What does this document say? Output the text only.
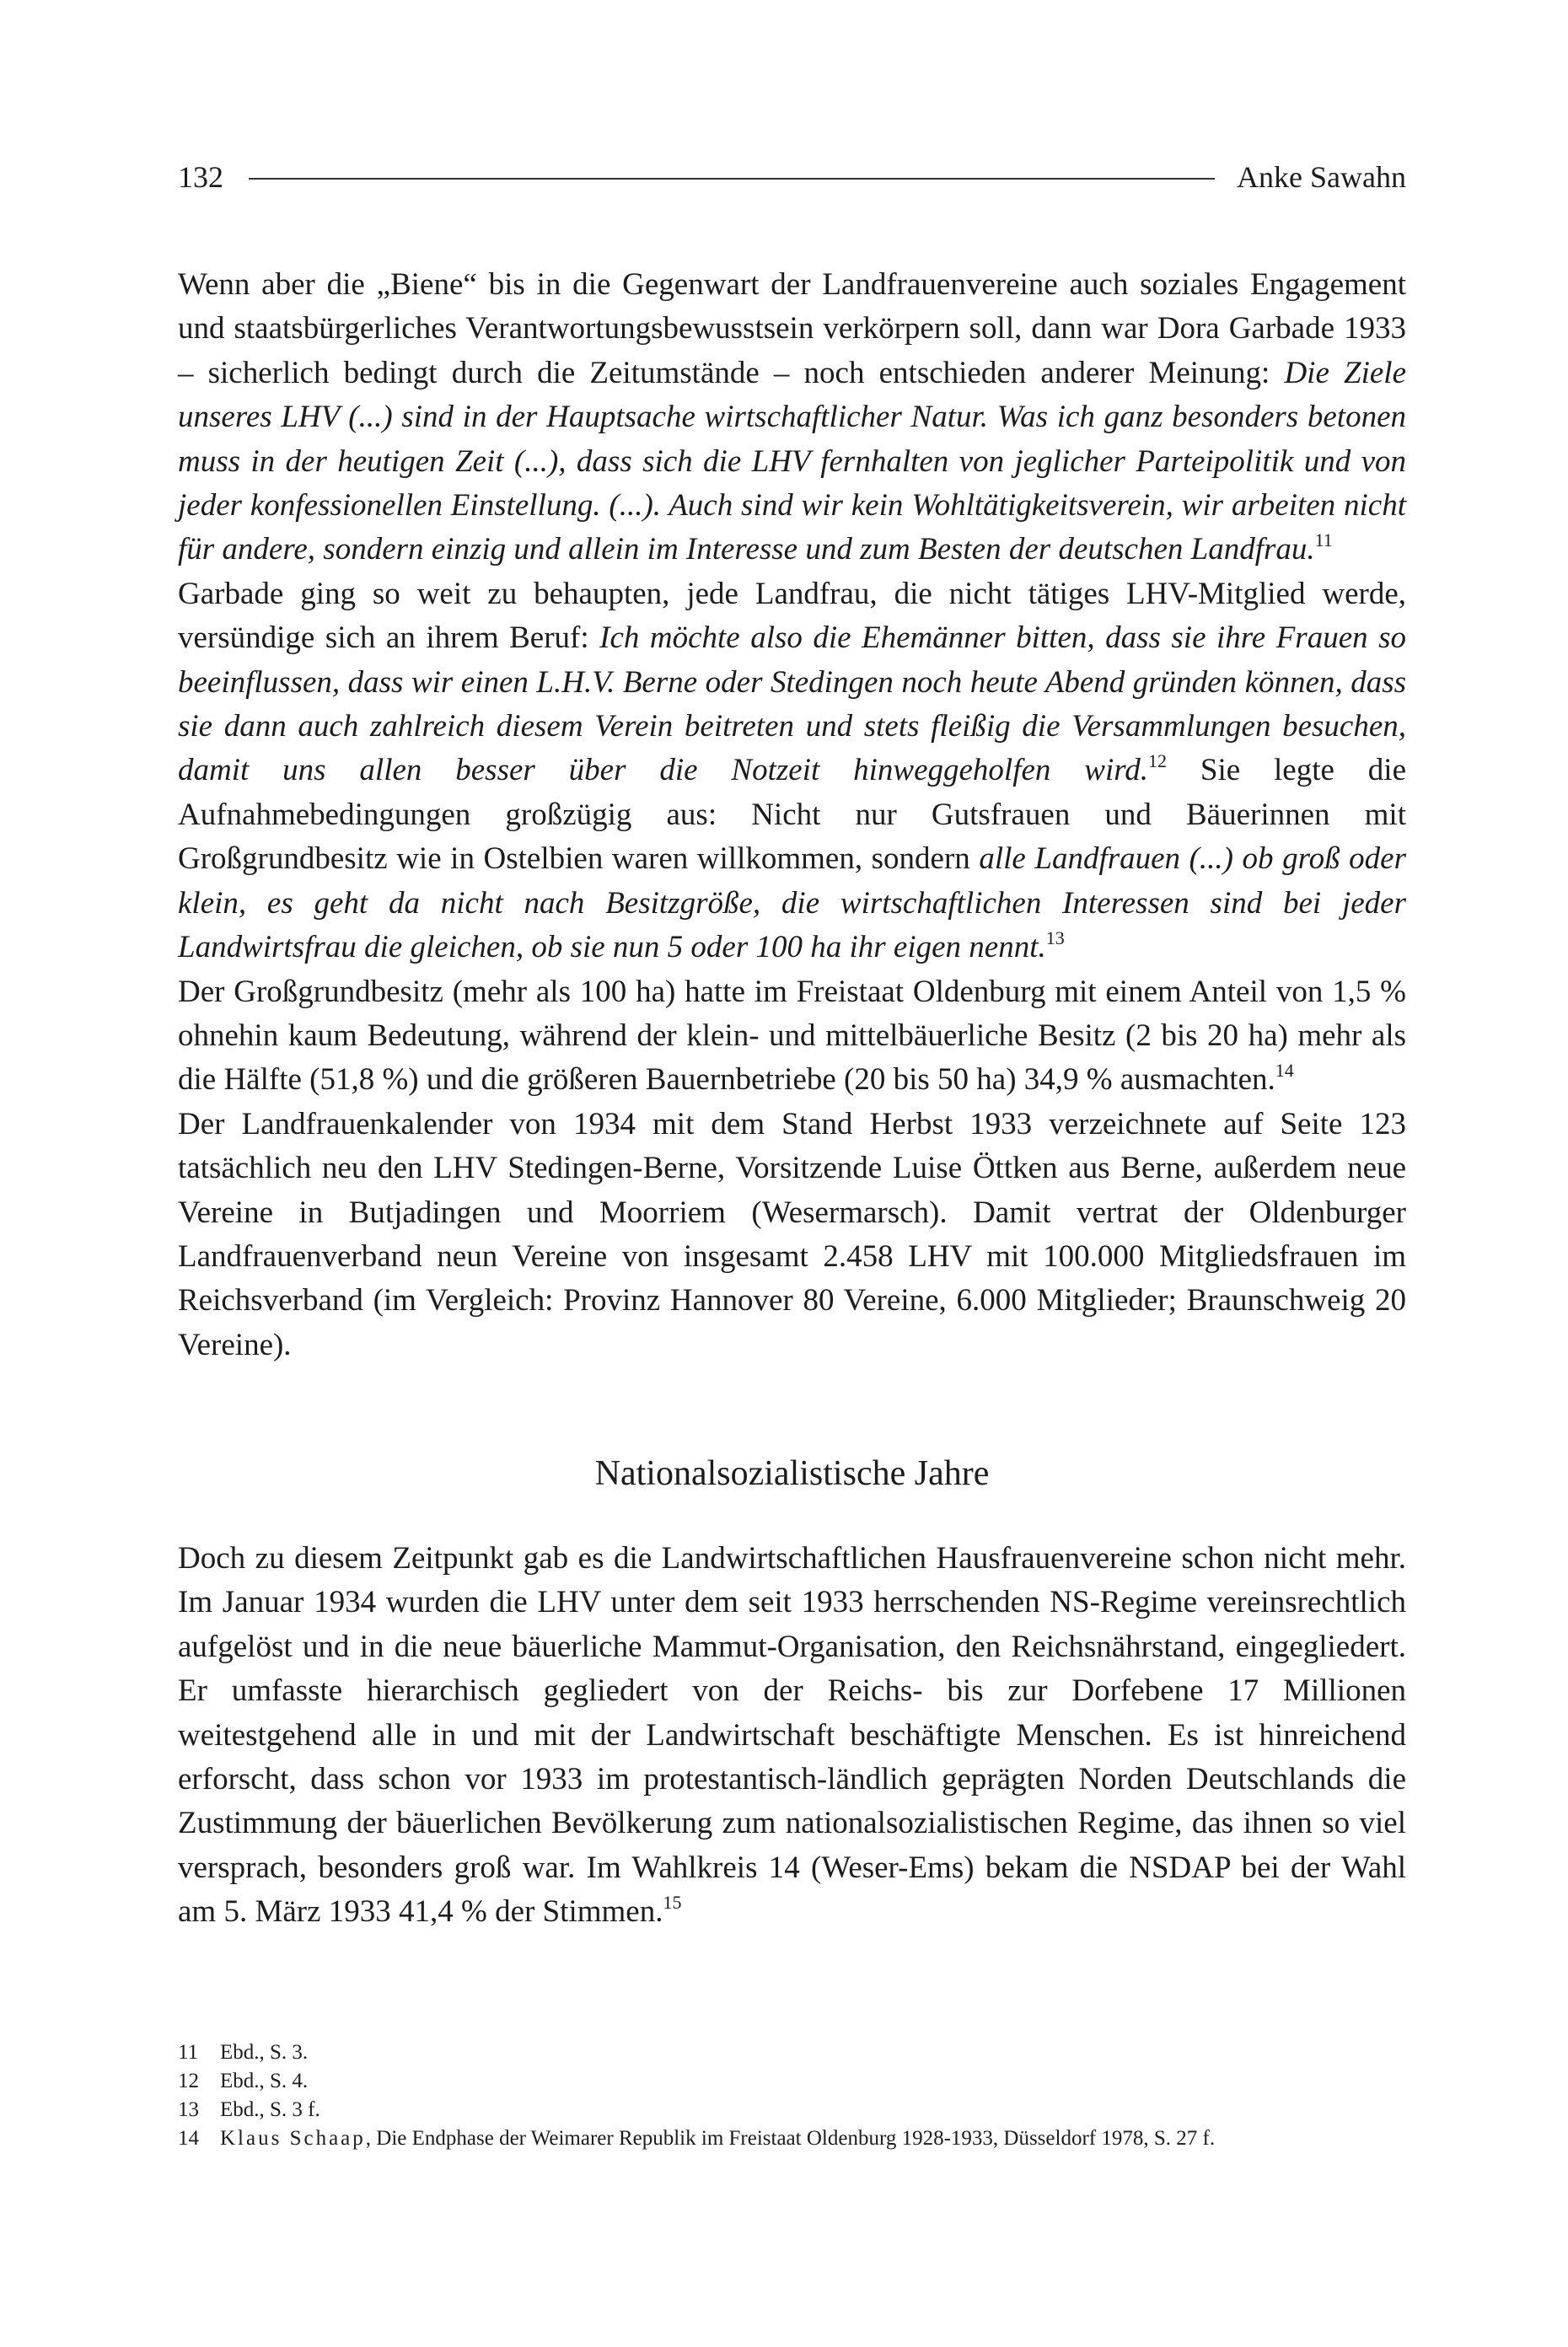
132	Anke Sawahn

Wenn aber die „Biene“ bis in die Gegenwart der Landfrauenvereine auch soziales Engagement und staatsbürgerliches Verantwortungsbewusstsein verkörpern soll, dann war Dora Garbade 1933 – sicherlich bedingt durch die Zeitumstände – noch entschieden anderer Meinung: Die Ziele unseres LHV (...) sind in der Hauptsache wirtschaftlicher Natur. Was ich ganz besonders betonen muss in der heutigen Zeit (...), dass sich die LHV fernhalten von jeglicher Parteipolitik und von jeder konfessionellen Einstellung. (...). Auch sind wir kein Wohltätigkeitsverein, wir arbeiten nicht für andere, sondern einzig und allein im Interesse und zum Besten der deutschen Landfrau.$^{11}$

Garbade ging so weit zu behaupten, jede Landfrau, die nicht tätiges LHV-Mitglied werde, versündige sich an ihrem Beruf: Ich möchte also die Ehemänner bitten, dass sie ihre Frauen so beeinflussen, dass wir einen L.H.V. Berne oder Stedingen noch heute Abend gründen können, dass sie dann auch zahlreich diesem Verein beitreten und stets fleißig die Versammlungen besuchen, damit uns allen besser über die Notzeit hinweggeholfen wird.$^{12}$ Sie legte die Aufnahmebedingungen großzügig aus: Nicht nur Gutsfrauen und Bäuerinnen mit Großgrundbesitz wie in Ostelbien waren willkommen, sondern alle Landfrauen (...) ob groß oder klein, es geht da nicht nach Besitzgröße, die wirtschaftlichen Interessen sind bei jeder Landwirtsfrau die gleichen, ob sie nun 5 oder 100 ha ihr eigen nennt.$^{13}$

Der Großgrundbesitz (mehr als 100 ha) hatte im Freistaat Oldenburg mit einem Anteil von 1,5 % ohnehin kaum Bedeutung, während der klein- und mittelbäuerliche Besitz (2 bis 20 ha) mehr als die Hälfte (51,8 %) und die größeren Bauernbetriebe (20 bis 50 ha) 34,9 % ausmachten.$^{14}$

Der Landfrauenkalender von 1934 mit dem Stand Herbst 1933 verzeichnete auf Seite 123 tatsächlich neu den LHV Stedingen-Berne, Vorsitzende Luise Öttken aus Berne, außerdem neue Vereine in Butjadingen und Moorriem (Wesermarsch). Damit vertrat der Oldenburger Landfrauenverband neun Vereine von insgesamt 2.458 LHV mit 100.000 Mitgliedsfrauen im Reichsverband (im Vergleich: Provinz Hannover 80 Vereine, 6.000 Mitglieder; Braunschweig 20 Vereine).

Nationalsozialistische Jahre

Doch zu diesem Zeitpunkt gab es die Landwirtschaftlichen Hausfrauenvereine schon nicht mehr. Im Januar 1934 wurden die LHV unter dem seit 1933 herrschenden NS-Regime vereinsrechtlich aufgelöst und in die neue bäuerliche Mammut-Organisation, den Reichsnährstand, eingegliedert. Er umfasste hierarchisch gegliedert von der Reichs- bis zur Dorfebene 17 Millionen weitestgehend alle in und mit der Landwirtschaft beschäftigte Menschen. Es ist hinreichend erforscht, dass schon vor 1933 im protestantisch-ländlich geprägten Norden Deutschlands die Zustimmung der bäuerlichen Bevölkerung zum nationalsozialistischen Regime, das ihnen so viel versprach, besonders groß war. Im Wahlkreis 14 (Weser-Ems) bekam die NSDAP bei der Wahl am 5. März 1933 41,4 % der Stimmen.$^{15}$

11	Ebd., S. 3.
12	Ebd., S. 4.
13	Ebd., S. 3 f.
14	Klaus Schaap, Die Endphase der Weimarer Republik im Freistaat Oldenburg 1928-1933, Düsseldorf 1978, S. 27 f.
